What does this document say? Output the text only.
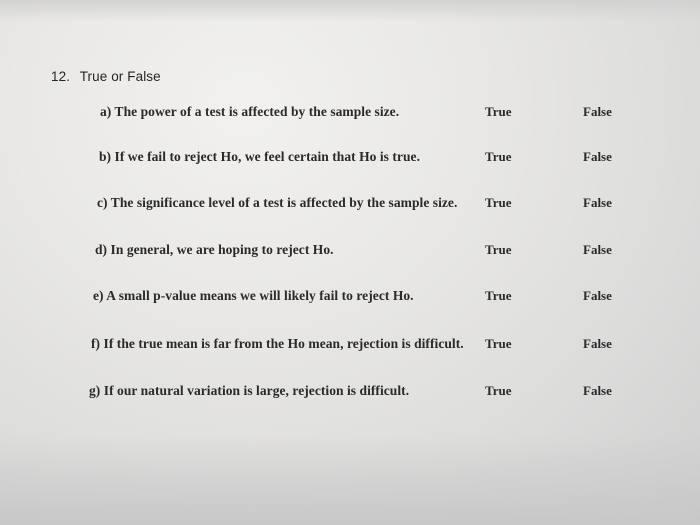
12. True or False
a) The power of a test is affected by the sample size.	True	False
b) If we fail to reject Ho, we feel certain that Ho is true.	True	False
c) The significance level of a test is affected by the sample size. True	False
d) In general, we are hoping to reject Ho.	True	False
e) A small p-value means we will likely fail to reject Ho.	True	False
f) If the true mean is far from the Ho mean, rejection is difficult. True	False
g) If our natural variation is large, rejection is difficult.	True	False
